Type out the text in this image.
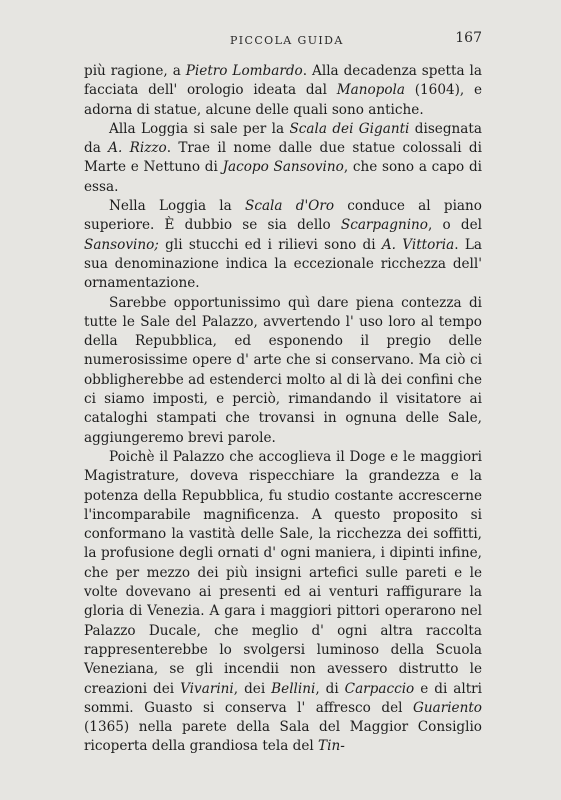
PICCOLA GUIDA	167

più ragione, a Pietro Lombardo. Alla decadenza spetta la facciata dell' orologio ideata dal Manopola (1604), e adorna di statue, alcune delle quali sono antiche.

Alla Loggia si sale per la Scala dei Giganti disegnata da A. Rizzo. Trae il nome dalle due statue colossali di Marte e Nettuno di Jacopo Sansovino, che sono a capo di essa.

Nella Loggia la Scala d'Oro conduce al piano superiore. È dubbio se sia dello Scarpagnino, o del Sansovino; gli stucchi ed i rilievi sono di A. Vittoria. La sua denominazione indica la eccezionale ricchezza dell' ornamentazione.

Sarebbe opportunissimo quì dare piena contezza di tutte le Sale del Palazzo, avvertendo l' uso loro al tempo della Repubblica, ed esponendo il pregio delle numerosissime opere d' arte che si conservano. Ma ciò ci obbligherebbe ad estenderci molto al di là dei confini che ci siamo imposti, e perciò, rimandando il visitatore ai cataloghi stampati che trovansi in ognuna delle Sale, aggiungeremo brevi parole.

Poichè il Palazzo che accoglieva il Doge e le maggiori Magistrature, doveva rispecchiare la grandezza e la potenza della Repubblica, fu studio costante accrescerne l'incomparabile magnificenza. A questo proposito si conformano la vastità delle Sale, la ricchezza dei soffitti, la profusione degli ornati d' ogni maniera, i dipinti infine, che per mezzo dei più insigni artefici sulle pareti e le volte dovevano ai presenti ed ai venturi raffigurare la gloria di Venezia. A gara i maggiori pittori operarono nel Palazzo Ducale, che meglio d' ogni altra raccolta rappresenterebbe lo svolgersi luminoso della Scuola Veneziana, se gli incendii non avessero distrutto le creazioni dei Vivarini, dei Bellini, di Carpaccio e di altri sommi. Guasto si conserva l' affresco del Guariento (1365) nella parete della Sala del Maggior Consiglio ricoperta della grandiosa tela del Tin-
